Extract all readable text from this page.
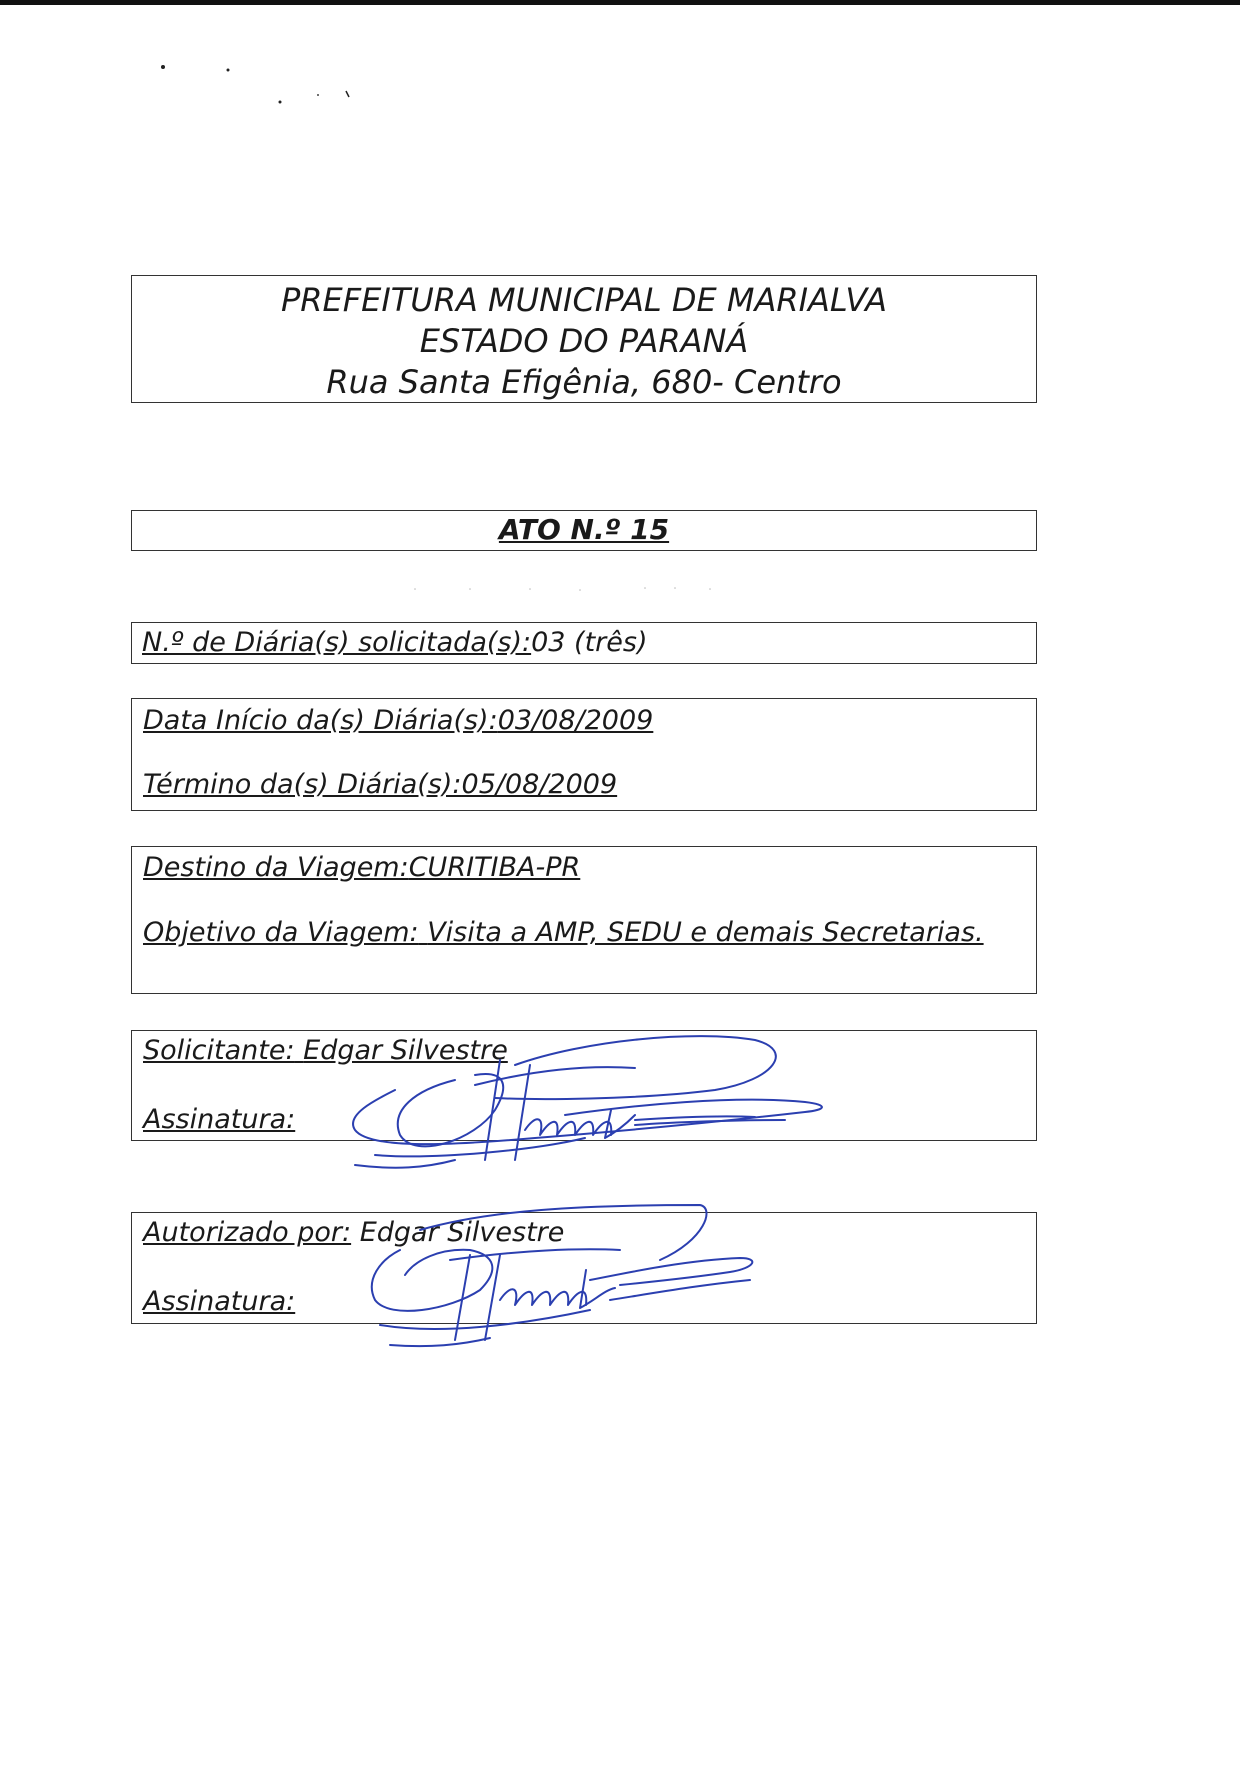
PREFEITURA MUNICIPAL DE MARIALVA
ESTADO DO PARANÁ
Rua Santa Efigênia, 680- Centro
ATO N.º 15
N.º de Diária(s) solicitada(s):03 (três)
Data Início da(s) Diária(s):03/08/2009
Término da(s) Diária(s):05/08/2009
Destino da Viagem:CURITIBA-PR
Objetivo da Viagem: Visita a AMP, SEDU e demais Secretarias.
Solicitante: Edgar Silvestre
Assinatura:
Autorizado por: Edgar Silvestre
Assinatura:
